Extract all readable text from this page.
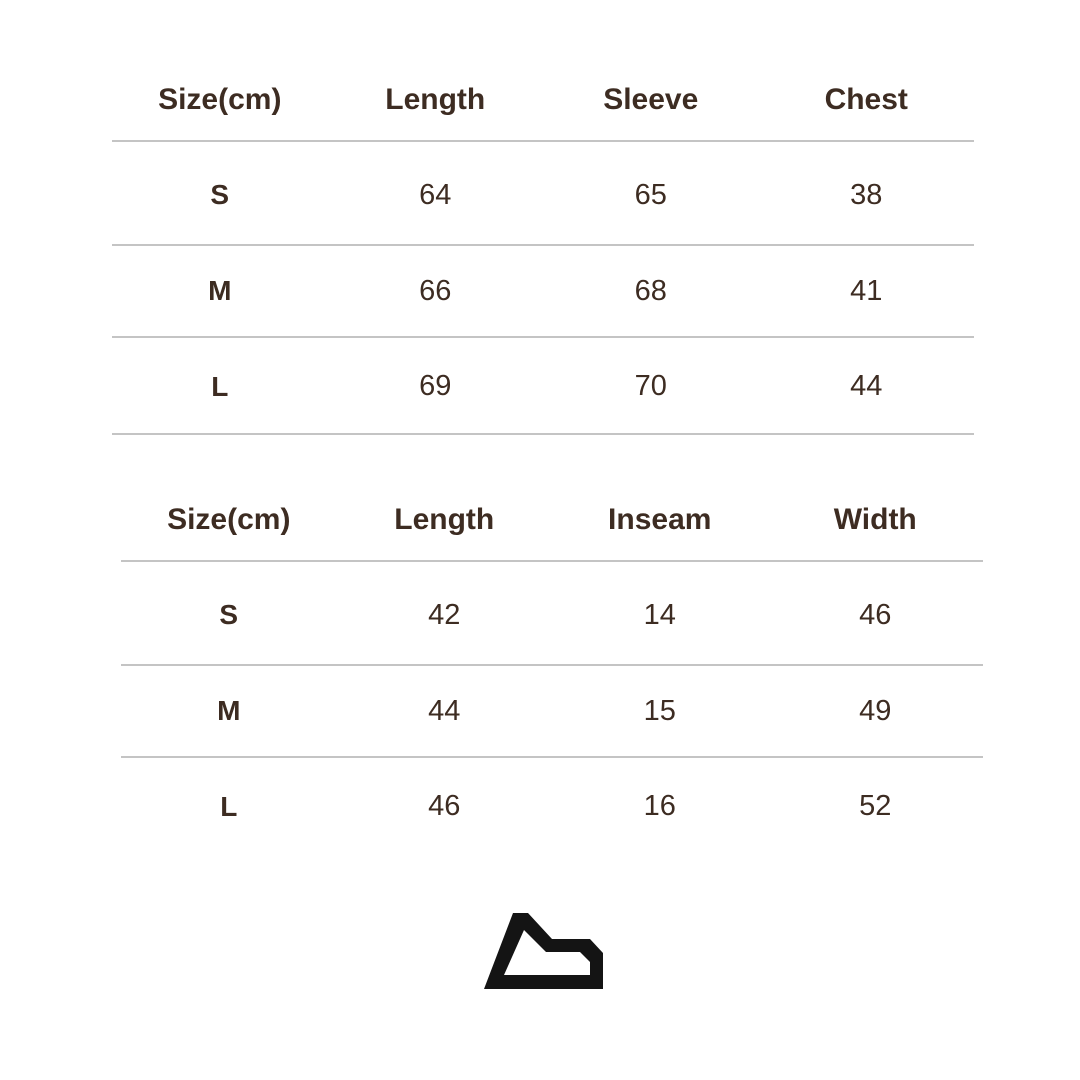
Size(cm)	Length	Sleeve	Chest
S	64	65	38
M	66	68	41
L	69	70	44
Size(cm)	Length	Inseam	Width
S	42	14	46
M	44	15	49
L	46	16	52
